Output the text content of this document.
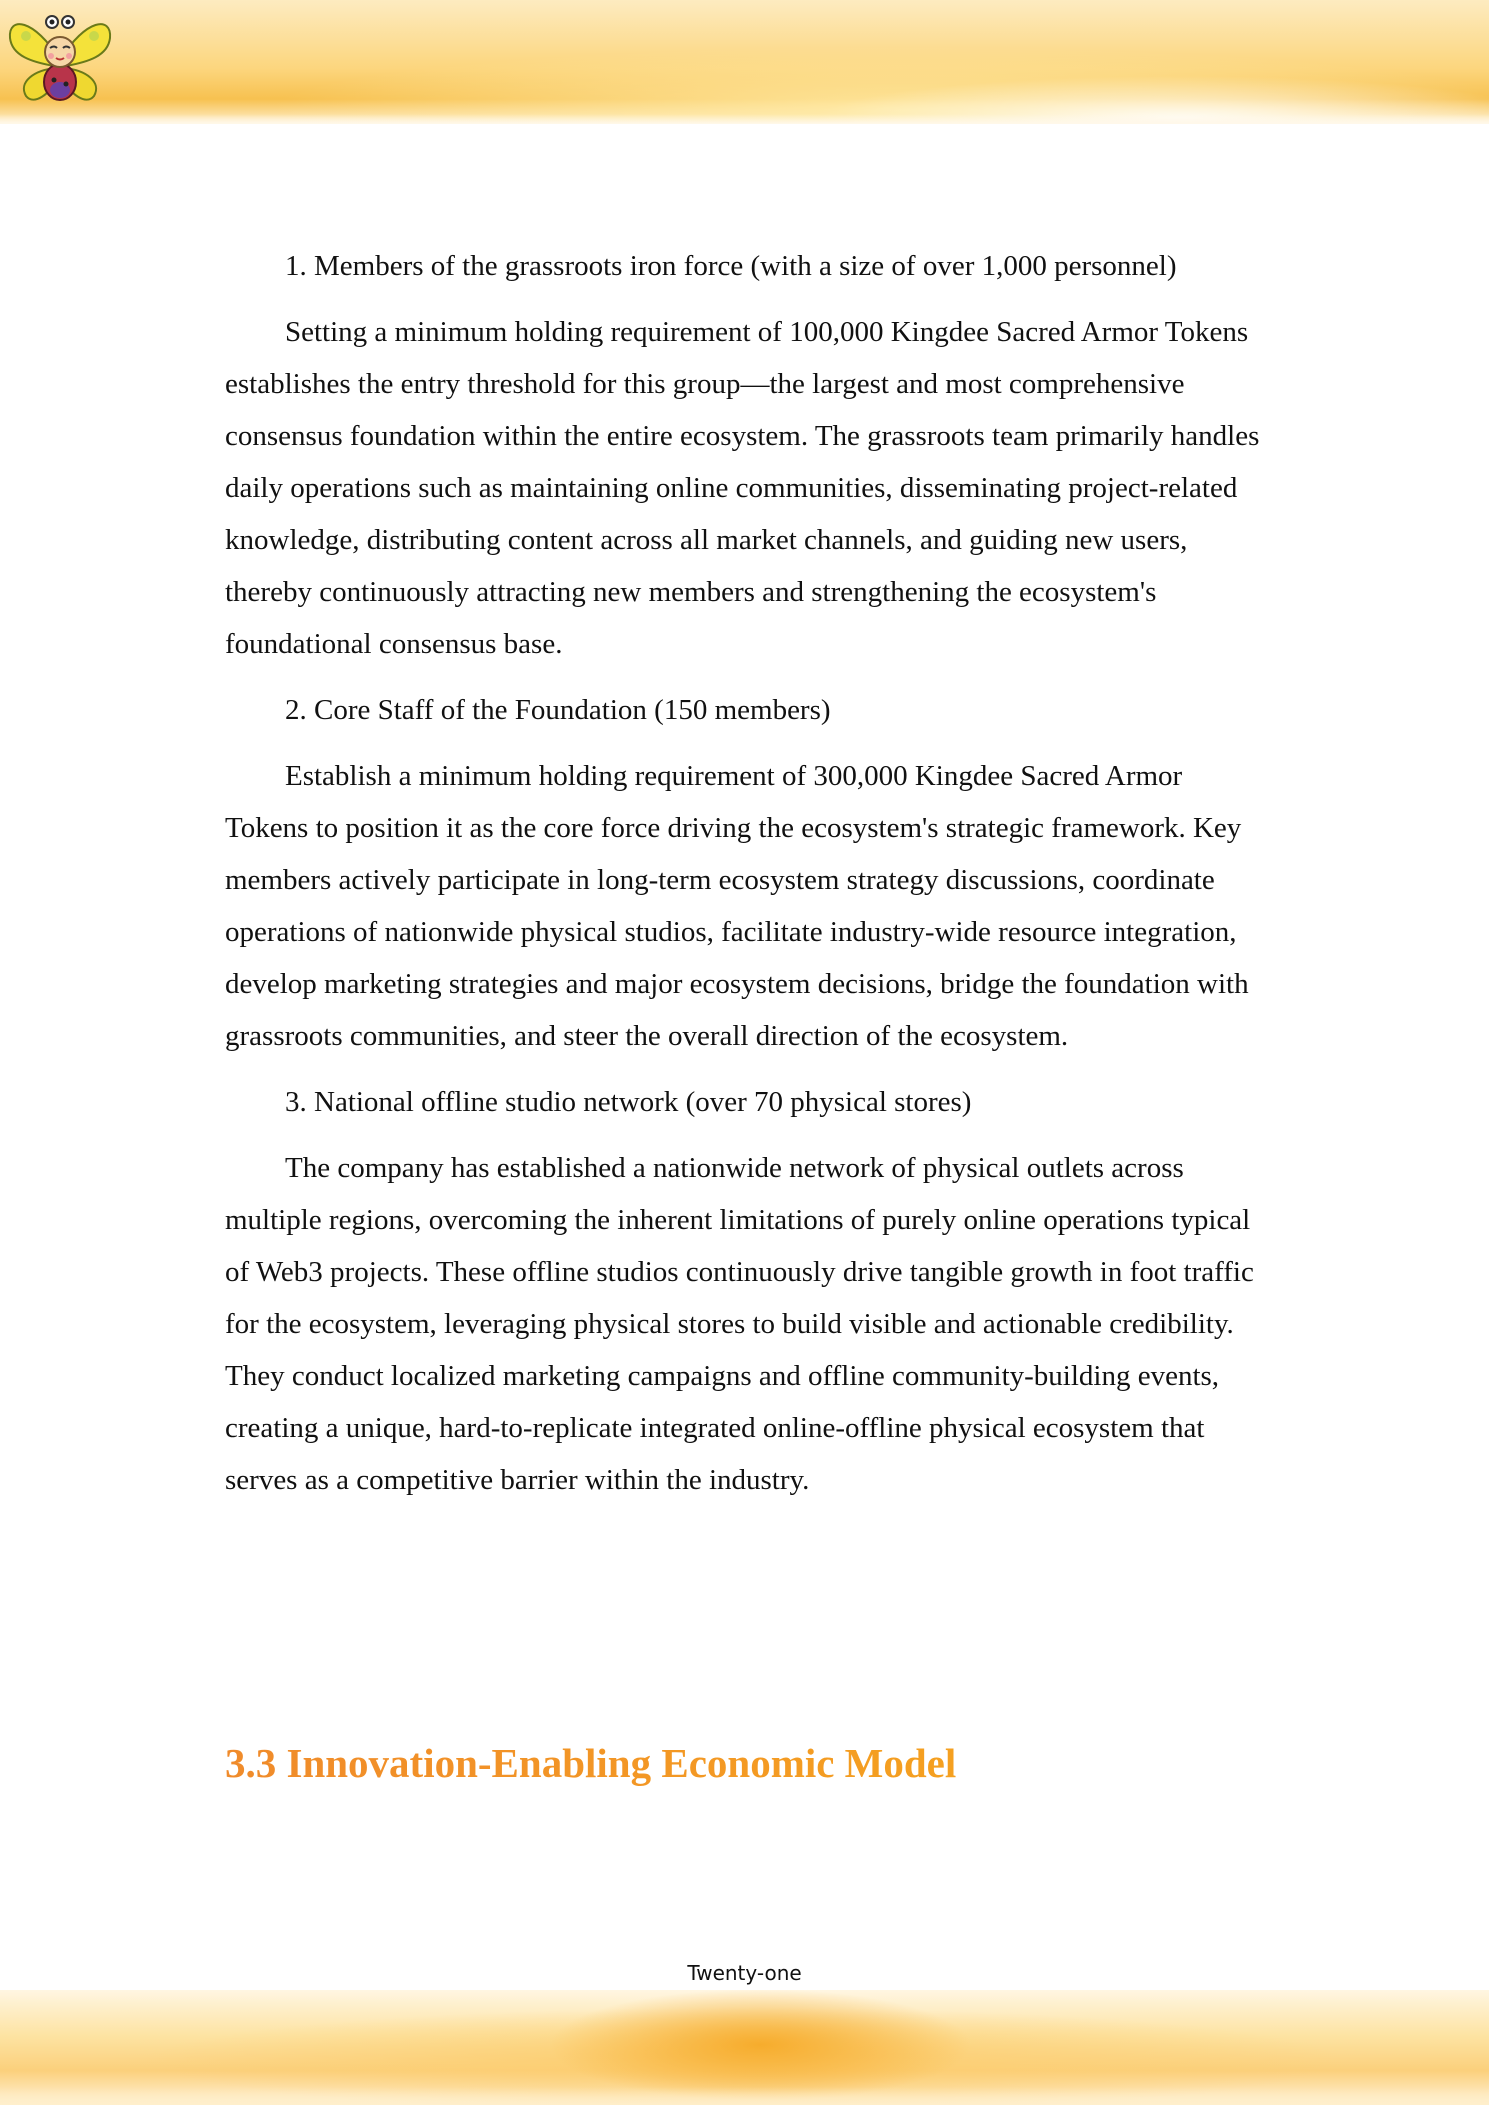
1. Members of the grassroots iron force (with a size of over 1,000 personnel)

Setting a minimum holding requirement of 100,000 Kingdee Sacred Armor Tokens establishes the entry threshold for this group—the largest and most comprehensive consensus foundation within the entire ecosystem. The grassroots team primarily handles daily operations such as maintaining online communities, disseminating project-related knowledge, distributing content across all market channels, and guiding new users, thereby continuously attracting new members and strengthening the ecosystem's foundational consensus base.

2. Core Staff of the Foundation (150 members)

Establish a minimum holding requirement of 300,000 Kingdee Sacred Armor Tokens to position it as the core force driving the ecosystem's strategic framework. Key members actively participate in long-term ecosystem strategy discussions, coordinate operations of nationwide physical studios, facilitate industry-wide resource integration, develop marketing strategies and major ecosystem decisions, bridge the foundation with grassroots communities, and steer the overall direction of the ecosystem.

3. National offline studio network (over 70 physical stores)

The company has established a nationwide network of physical outlets across multiple regions, overcoming the inherent limitations of purely online operations typical of Web3 projects. These offline studios continuously drive tangible growth in foot traffic for the ecosystem, leveraging physical stores to build visible and actionable credibility. They conduct localized marketing campaigns and offline community-building events, creating a unique, hard-to-replicate integrated online-offline physical ecosystem that serves as a competitive barrier within the industry.

3.3 Innovation-Enabling Economic Model
Twenty-one
